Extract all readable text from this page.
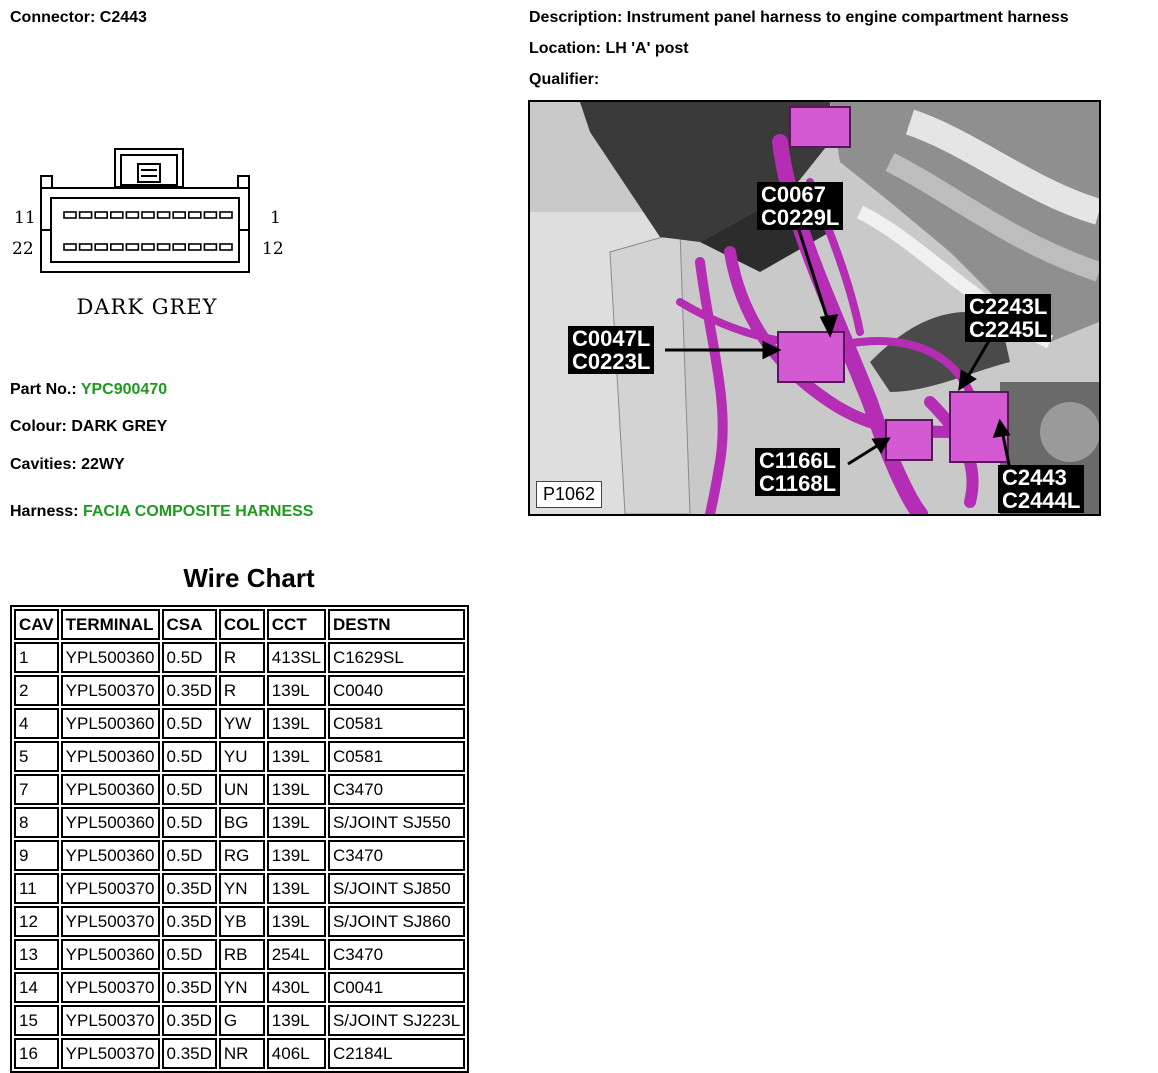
Connector: C2443	Description: Instrument panel harness to engine compartment harness
Location: LH 'A' post
Qualifier:
11	1
22	12
DARK GREY
Part No.: YPC900470
Colour: DARK GREY
Cavities: 22WY
Harness: FACIA COMPOSITE HARNESS
C0067
C0229L
C0047L
C0223L
C2243L
C2245L
C1166L
C1168L	C2443
C2444L
P1062
Wire Chart
CAV	TERMINAL	CSA	COL	CCT	DESTN
1	YPL500360	0.5D	R	413SL	C1629SL
2	YPL500370	0.35D	R	139L	C0040
4	YPL500360	0.5D	YW	139L	C0581
5	YPL500360	0.5D	YU	139L	C0581
7	YPL500360	0.5D	UN	139L	C3470
8	YPL500360	0.5D	BG	139L	S/JOINT SJ550
9	YPL500360	0.5D	RG	139L	C3470
11	YPL500370	0.35D	YN	139L	S/JOINT SJ850
12	YPL500370	0.35D	YB	139L	S/JOINT SJ860
13	YPL500360	0.5D	RB	254L	C3470
14	YPL500370	0.35D	YN	430L	C0041
15	YPL500370	0.35D	G	139L	S/JOINT SJ223L
16	YPL500370	0.35D	NR	406L	C2184L
